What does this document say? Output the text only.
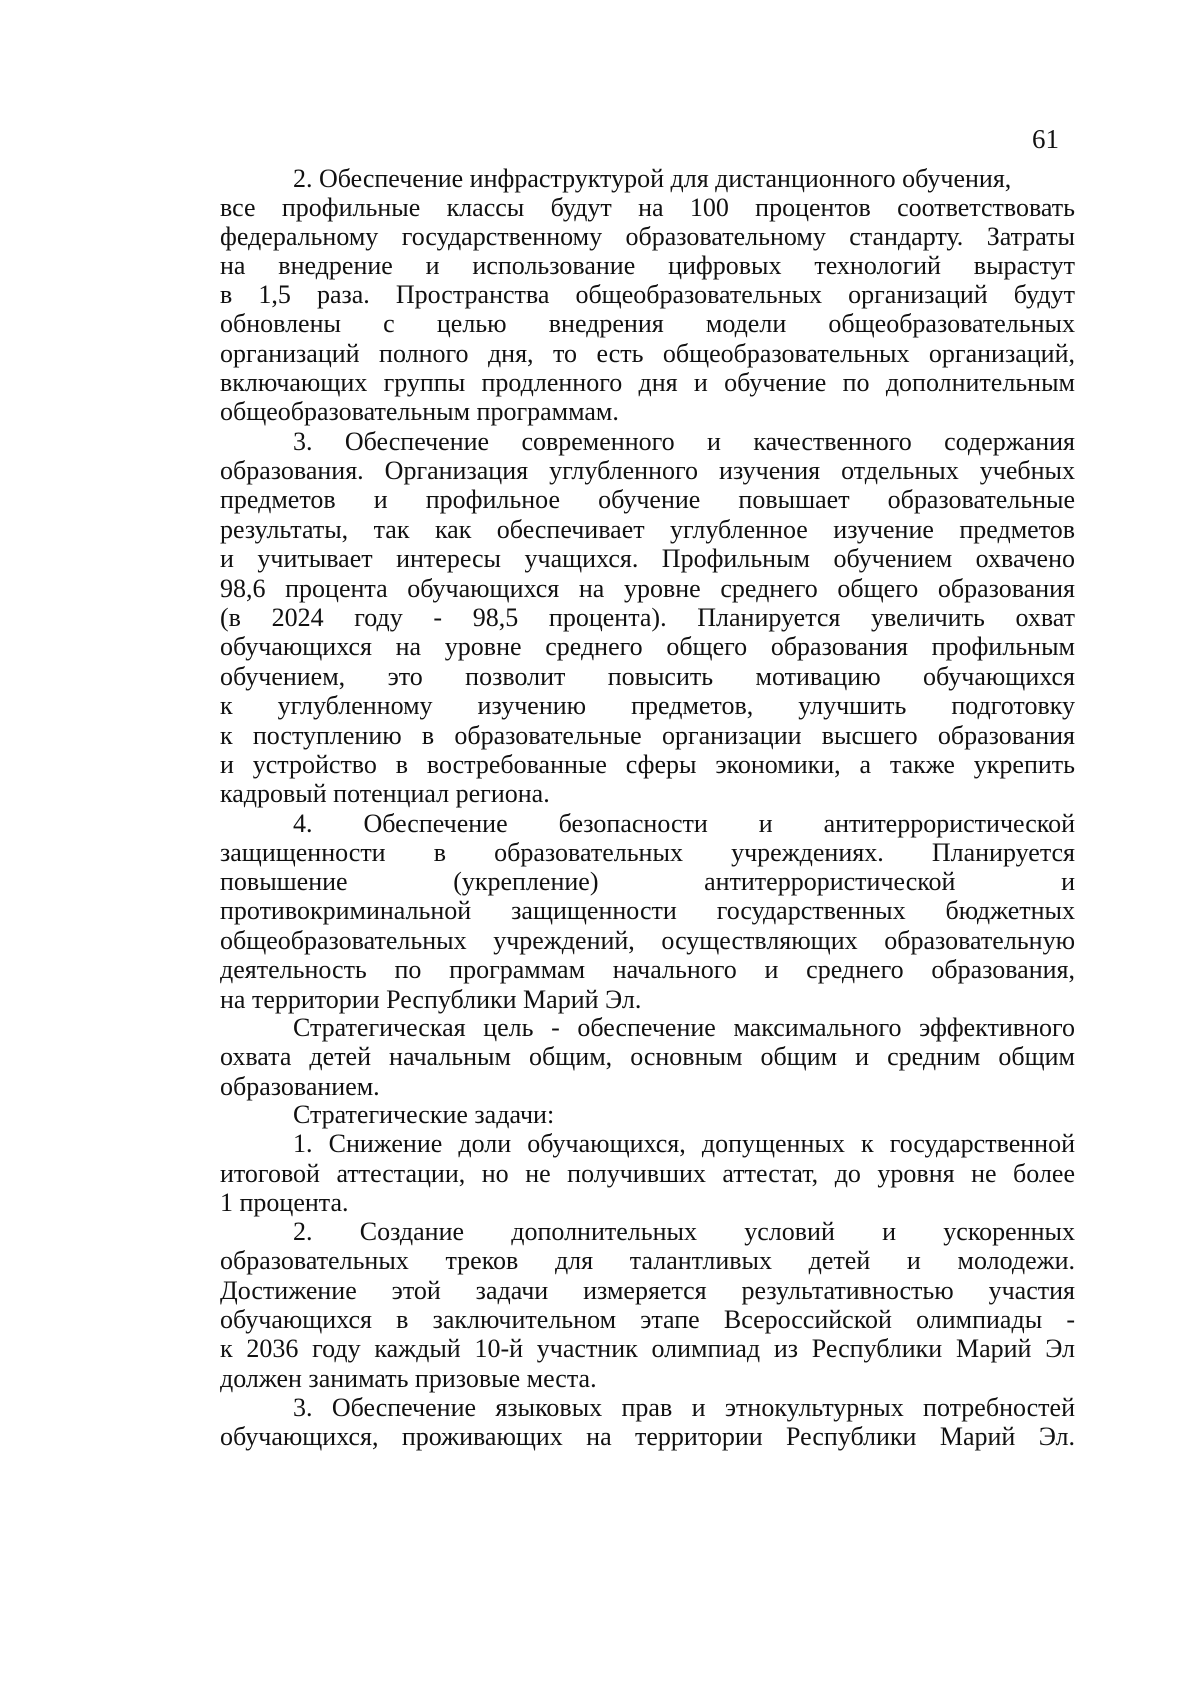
61
2. Обеспечение инфраструктурой для дистанционного обучения,
все профильные классы будут на 100 процентов соответствовать
федеральному государственному образовательному стандарту. Затраты
на внедрение и использование цифровых технологий вырастут
в 1,5 раза. Пространства общеобразовательных организаций будут
обновлены с целью внедрения модели общеобразовательных
организаций полного дня, то есть общеобразовательных организаций,
включающих группы продленного дня и обучение по дополнительным
общеобразовательным программам.
3. Обеспечение современного и качественного содержания
образования. Организация углубленного изучения отдельных учебных
предметов и профильное обучение повышает образовательные
результаты, так как обеспечивает углубленное изучение предметов
и учитывает интересы учащихся. Профильным обучением охвачено
98,6 процента обучающихся на уровне среднего общего образования
(в 2024 году - 98,5 процента). Планируется увеличить охват
обучающихся на уровне среднего общего образования профильным
обучением, это позволит повысить мотивацию обучающихся
к углубленному изучению предметов, улучшить подготовку
к поступлению в образовательные организации высшего образования
и устройство в востребованные сферы экономики, а также укрепить
кадровый потенциал региона.
4. Обеспечение безопасности и антитеррористической
защищенности в образовательных учреждениях. Планируется
повышение (укрепление) антитеррористической и
противокриминальной защищенности государственных бюджетных
общеобразовательных учреждений, осуществляющих образовательную
деятельность по программам начального и среднего образования,
на территории Республики Марий Эл.
Стратегическая цель - обеспечение максимального эффективного
охвата детей начальным общим, основным общим и средним общим
образованием.
Стратегические задачи:
1. Снижение доли обучающихся, допущенных к государственной
итоговой аттестации, но не получивших аттестат, до уровня не более
1 процента.
2. Создание дополнительных условий и ускоренных
образовательных треков для талантливых детей и молодежи.
Достижение этой задачи измеряется результативностью участия
обучающихся в заключительном этапе Всероссийской олимпиады -
к 2036 году каждый 10-й участник олимпиад из Республики Марий Эл
должен занимать призовые места.
3. Обеспечение языковых прав и этнокультурных потребностей
обучающихся, проживающих на территории Республики Марий Эл.
